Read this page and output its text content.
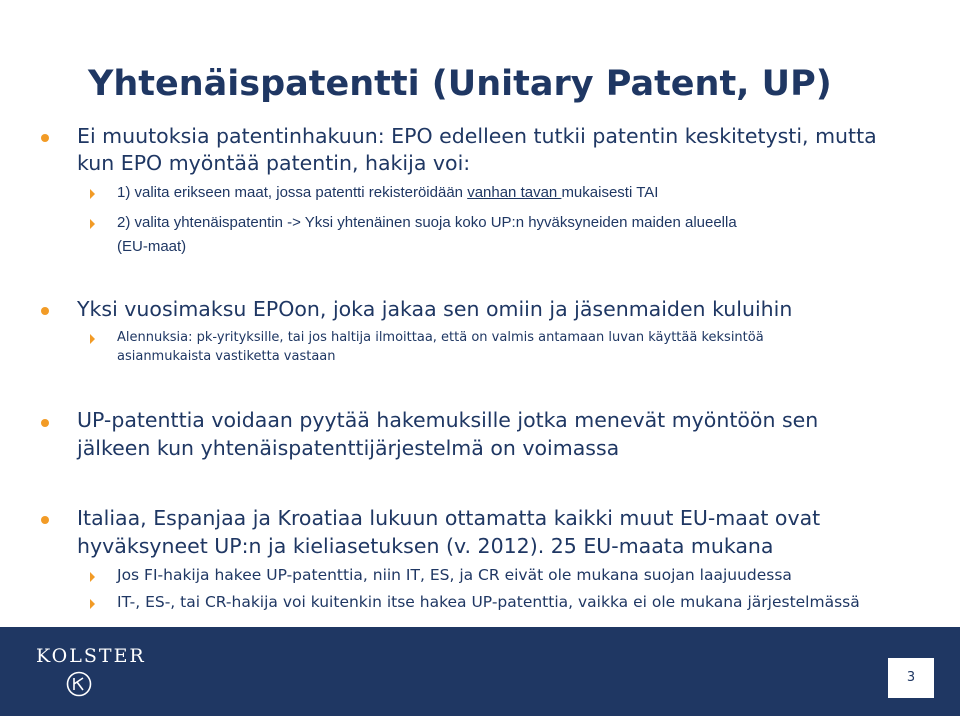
Yhtenäispatentti (Unitary Patent, UP)

Ei muutoksia patentinhakuun: EPO edelleen tutkii patentin keskitetysti, mutta

kun EPO myöntää patentin, hakija voi:

1) valita erikseen maat, jossa patentti rekisteröidään vanhan tavan mukaisesti TAI

2) valita yhtenäispatentin -> Yksi yhtenäinen suoja koko UP:n hyväksyneiden maiden alueella

(EU-maat)

Yksi vuosimaksu EPOon, joka jakaa sen omiin ja jäsenmaiden kuluihin

Alennuksia: pk-yrityksille, tai jos haltija ilmoittaa, että on valmis antamaan luvan käyttää keksintöä

asianmukaista vastiketta vastaan

UP-patenttia voidaan pyytää hakemuksille jotka menevät myöntöön sen

jälkeen kun yhtenäispatenttijärjestelmä on voimassa

Italiaa, Espanjaa ja Kroatiaa lukuun ottamatta kaikki muut EU-maat ovat

hyväksyneet UP:n ja kieliasetuksen (v. 2012). 25 EU-maata mukana

Jos FI-hakija hakee UP-patenttia, niin IT, ES, ja CR eivät ole mukana suojan laajuudessa

IT-, ES-, tai CR-hakija voi kuitenkin itse hakea UP-patenttia, vaikka ei ole mukana järjestelmässä

KOLSTER
3
